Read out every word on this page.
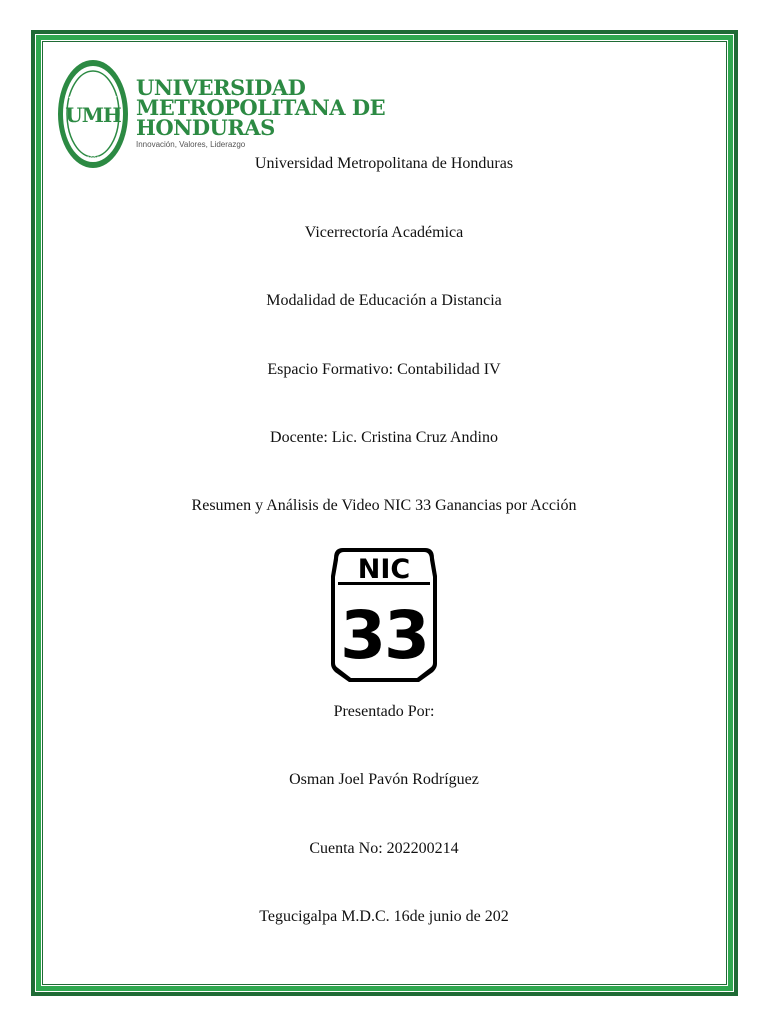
UMH
2002
UNIVERSIDAD
METROPOLITANA DE
HONDURAS
Innovación, Valores, Liderazgo
Universidad Metropolitana de Honduras
Vicerrectoría Académica
Modalidad de Educación a Distancia
Espacio Formativo: Contabilidad IV
Docente: Lic. Cristina Cruz Andino
Resumen y Análisis de Video NIC 33 Ganancias por Acción
NIC
33
Presentado Por:
Osman Joel Pavón Rodríguez
Cuenta No: 202200214
Tegucigalpa M.D.C. 16de junio de 202
